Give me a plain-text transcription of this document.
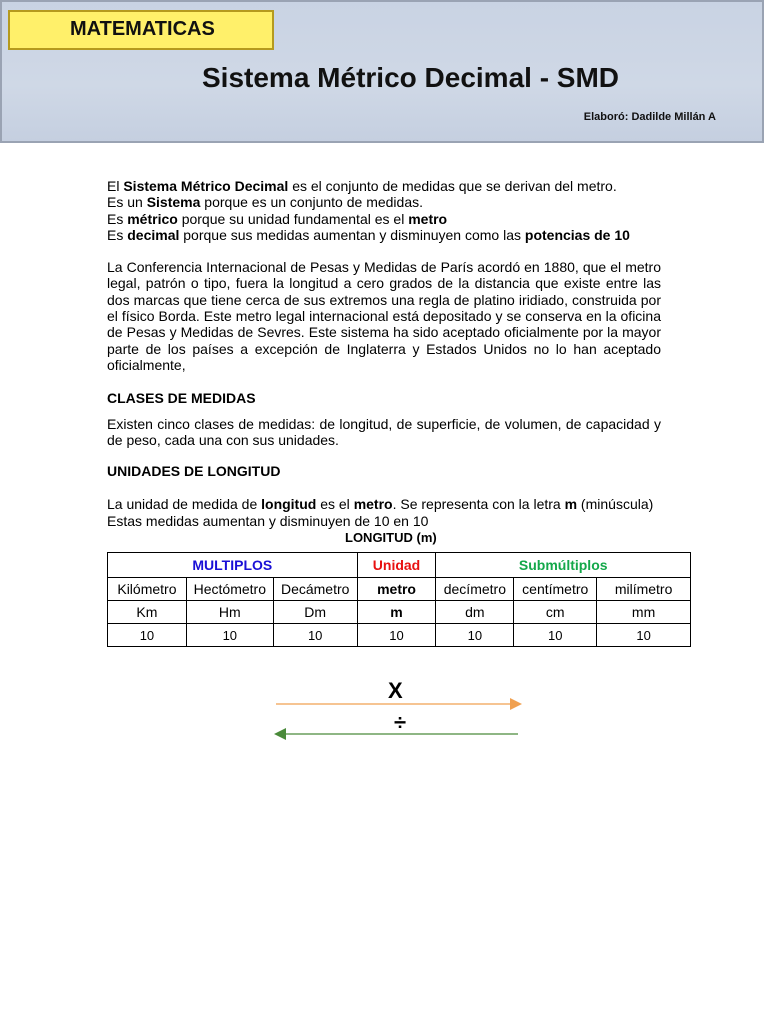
MATEMATICAS
Sistema Métrico Decimal - SMD
Elaboró: Dadilde Millán A

El Sistema Métrico Decimal es el conjunto de medidas que se derivan del metro.

Es un Sistema porque es un conjunto de medidas.

Es métrico porque su unidad fundamental es el metro

Es decimal porque sus medidas aumentan y disminuyen como las potencias de 10

La Conferencia Internacional de Pesas y Medidas de París acordó en 1880, que el metro legal, patrón o tipo, fuera la longitud a cero grados de la distancia que existe entre las dos marcas que tiene cerca de sus extremos una regla de platino iridiado, construida por el físico Borda. Este metro legal internacional está depositado y se conserva en la oficina de Pesas y Medidas de Sevres. Este sistema ha sido aceptado oficialmente por la mayor parte de los países a excepción de Inglaterra y Estados Unidos no lo han aceptado oficialmente,

CLASES DE MEDIDAS

Existen cinco clases de medidas: de longitud, de superficie, de volumen, de capacidad y de peso, cada una con sus unidades.

UNIDADES DE LONGITUD

La unidad de medida de longitud es el metro. Se representa con la letra m (minúscula)

Estas medidas aumentan y disminuyen de 10 en 10

LONGITUD (m)
MULTIPLOS			Unidad	Submúltiplos		
Kilómetro	Hectómetro	Decámetro	metro	decímetro	centímetro	milímetro
Km	Hm	Dm	m	dm	cm	mm
10	10	10	10	10	10	10
X
÷
